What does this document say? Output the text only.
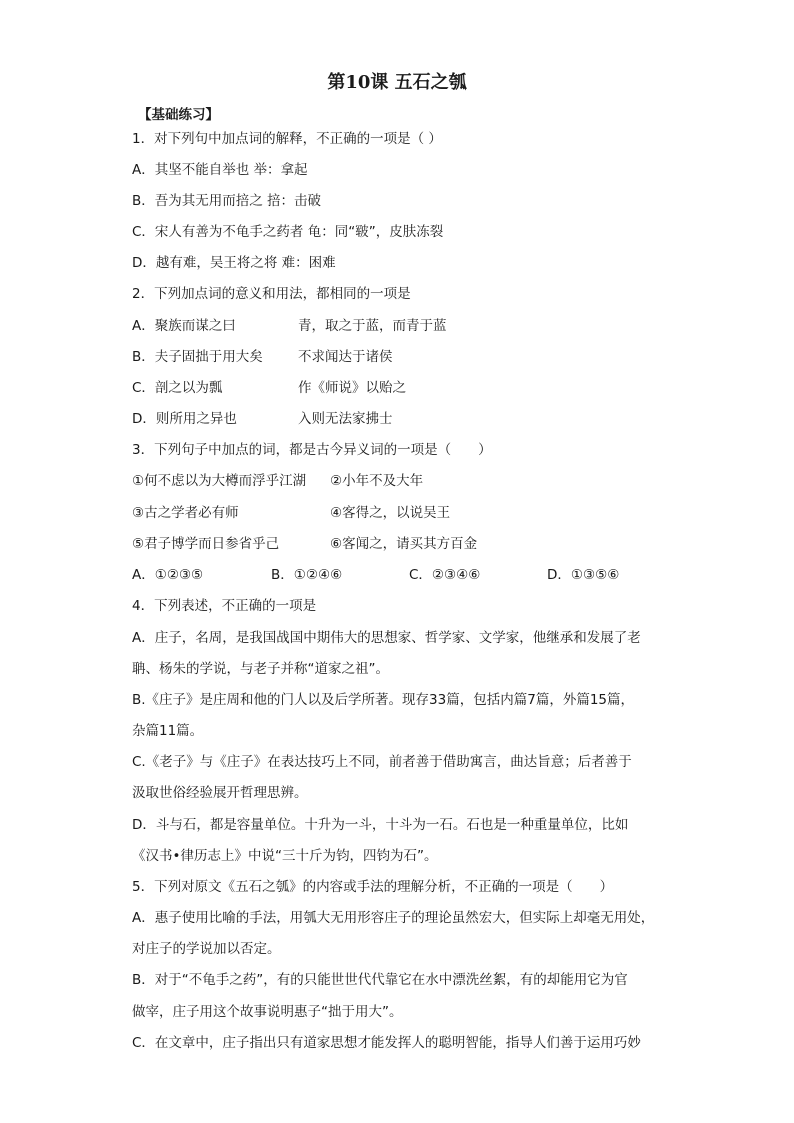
第10课 五石之瓠
【基础练习】
1．对下列句中加点词的解释，不正确的一项是（ ）
A．其坚不能自举也 举：拿起
B．吾为其无用而掊之 掊：击破
C．宋人有善为不龟手之药者 龟：同“皲”，皮肤冻裂
D．越有难，吴王将之将 难：困难
2．下列加点词的意义和用法，都相同的一项是
A．聚族而谋之曰	青，取之于蓝，而青于蓝
B．夫子固拙于用大矣	不求闻达于诸侯
C．剖之以为瓢	作《师说》以贻之
D．则所用之异也	入则无法家拂士
3．下列句子中加点的词，都是古今异义词的一项是（　　）
①何不虑以为大樽而浮乎江湖 ②小年不及大年
③古之学者必有师	④客得之，以说吴王
⑤君子博学而日参省乎己	⑥客闻之，请买其方百金
A．①②③⑤	B．①②④⑥	C．②③④⑥	D．①③⑤⑥
4．下列表述，不正确的一项是
A．庄子，名周，是我国战国中期伟大的思想家、哲学家、文学家，他继承和发展了老
聃、杨朱的学说，与老子并称“道家之祖”。
B.《庄子》是庄周和他的门人以及后学所著。现存33篇，包括内篇7篇，外篇15篇，
杂篇11篇。
C.《老子》与《庄子》在表达技巧上不同，前者善于借助寓言，曲达旨意；后者善于
汲取世俗经验展开哲理思辨。
D．斗与石，都是容量单位。十升为一斗，十斗为一石。石也是一种重量单位，比如
《汉书•律历志上》中说“三十斤为钧，四钧为石”。
5．下列对原文《五石之瓠》的内容或手法的理解分析，不正确的一项是（　　）
A．惠子使用比喻的手法，用瓠大无用形容庄子的理论虽然宏大，但实际上却毫无用处，
对庄子的学说加以否定。
B．对于“不龟手之药”，有的只能世世代代靠它在水中漂洗丝絮，有的却能用它为官
做宰，庄子用这个故事说明惠子“拙于用大”。
C．在文章中，庄子指出只有道家思想才能发挥人的聪明智能，指导人们善于运用巧妙
